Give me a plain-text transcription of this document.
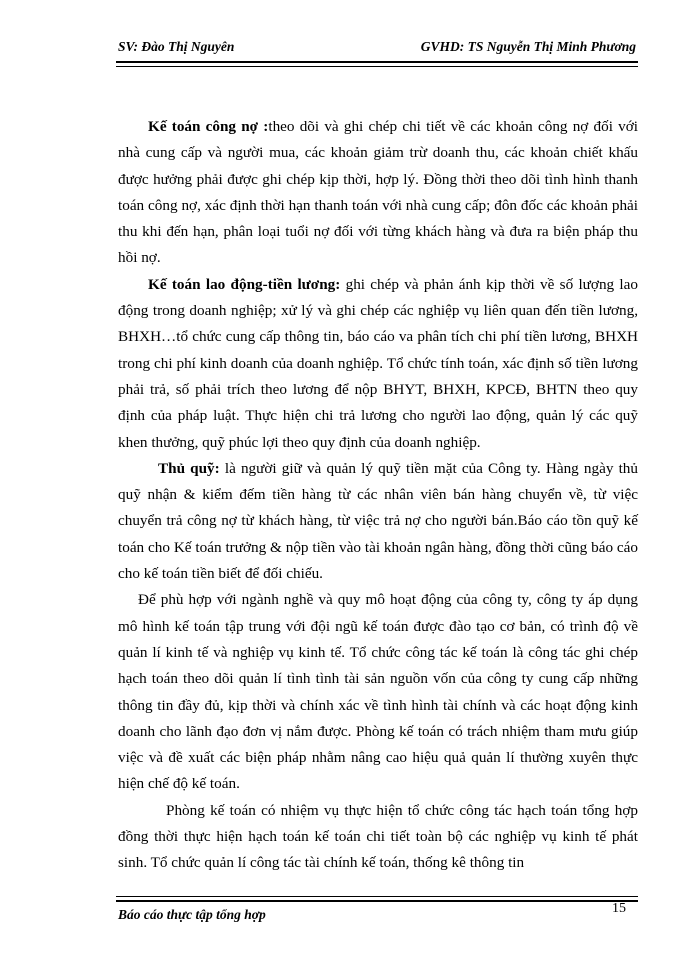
SV: Đào Thị Nguyên	GVHD: TS Nguyễn Thị Minh Phương

Kế toán công nợ :theo dõi và ghi chép chi tiết về các khoản công nợ đối với nhà cung cấp và người mua, các khoản giảm trừ doanh thu, các khoản chiết khấu được hưởng phải được ghi chép kịp thời, hợp lý. Đồng thời theo dõi tình hình thanh toán công nợ, xác định thời hạn thanh toán với nhà cung cấp; đôn đốc các khoản phải thu khi đến hạn, phân loại tuổi nợ đối với từng khách hàng và đưa ra biện pháp thu hồi nợ.

Kế toán lao động-tiền lương: ghi chép và phản ánh kịp thời về số lượng lao động trong doanh nghiệp; xử lý và ghi chép các nghiệp vụ liên quan đến tiền lương, BHXH…tổ chức cung cấp thông tin, báo cáo va phân tích chi phí tiền lương, BHXH trong chi phí kinh doanh của doanh nghiệp. Tổ chức tính toán, xác định số tiền lương phải trả, số phải trích theo lương để nộp BHYT, BHXH, KPCĐ, BHTN theo quy định của pháp luật. Thực hiện chi trả lương cho người lao động, quản lý các quỹ khen thưởng, quỹ phúc lợi theo quy định của doanh nghiệp.

Thủ quỹ: là người giữ và quản lý quỹ tiền mặt của Công ty. Hàng ngày thủ quỹ nhận & kiểm đếm tiền hàng từ các nhân viên bán hàng chuyển về, từ việc chuyển trả công nợ từ khách hàng, từ việc trả nợ cho người bán.Báo cáo tồn quỹ kế toán cho Kế toán trưởng & nộp tiền vào tài khoản ngân hàng, đồng thời cũng báo cáo cho kế toán tiền biết để đối chiếu.

Để phù hợp với ngành nghề và quy mô hoạt động của công ty, công ty áp dụng mô hình kế toán tập trung với đội ngũ kế toán được đào tạo cơ bản, có trình độ về quản lí kinh tế và nghiệp vụ kinh tế. Tổ chức công tác kế toán là công tác ghi chép hạch toán theo dõi quản lí tình tình tài sản nguồn vốn của công ty cung cấp những thông tin đầy đủ, kịp thời và chính xác về tình hình tài chính và các hoạt động kinh doanh cho lãnh đạo đơn vị nắm được. Phòng kế toán có trách nhiệm tham mưu giúp việc và đề xuất các biện pháp nhằm nâng cao hiệu quả quản lí thường xuyên thực hiện chế độ kế toán.

Phòng kế toán có nhiệm vụ thực hiện tổ chức công tác hạch toán tổng hợp đồng thời thực hiện hạch toán kế toán chi tiết toàn bộ các nghiệp vụ kinh tế phát sinh. Tổ chức quản lí công tác tài chính kế toán, thống kê thông tin

Báo cáo thực tập tổng hợp	15
